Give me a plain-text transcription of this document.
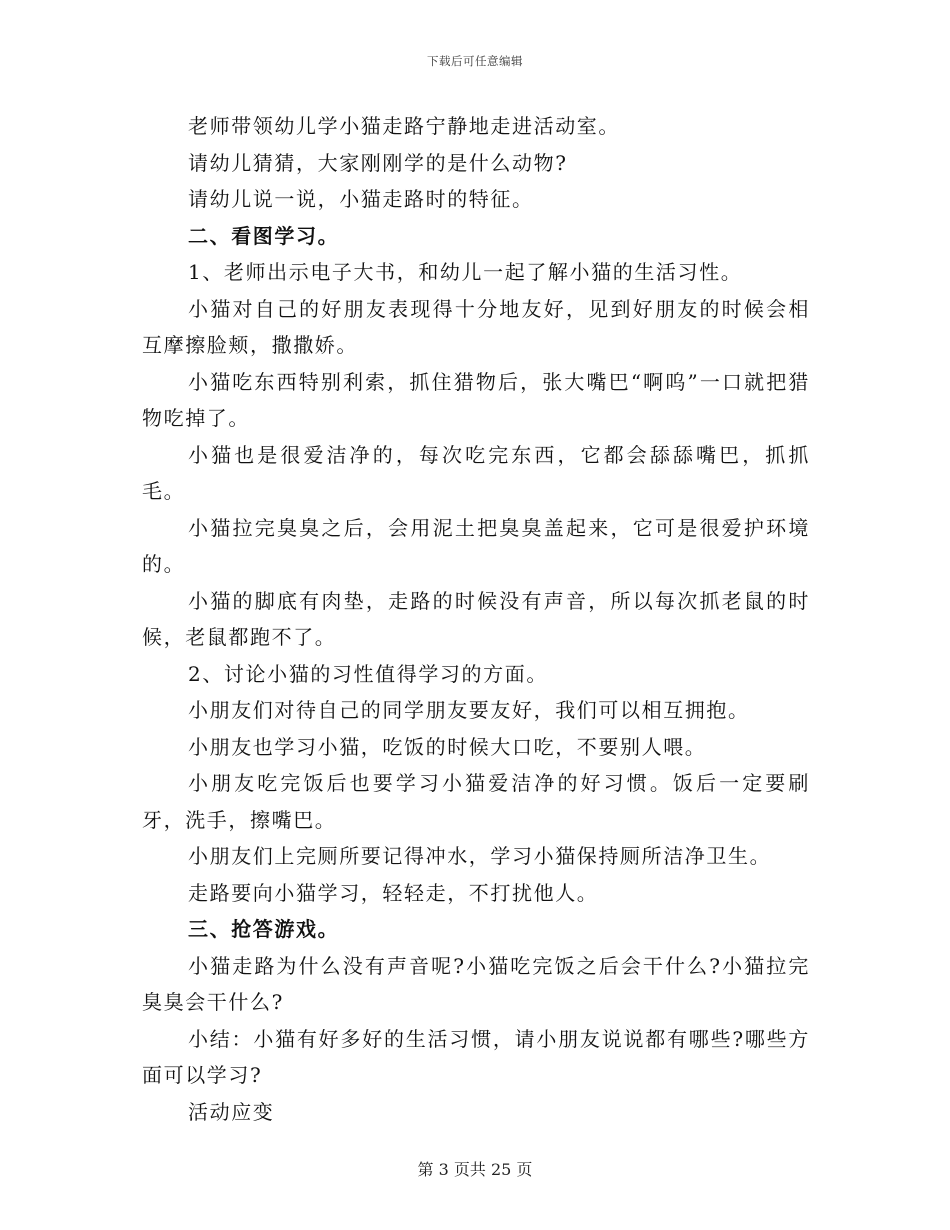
下载后可任意编辑

老师带领幼儿学小猫走路宁静地走进活动室。

请幼儿猜猜，大家刚刚学的是什么动物?

请幼儿说一说，小猫走路时的特征。

二、看图学习。

1、老师出示电子大书，和幼儿一起了解小猫的生活习性。

小猫对自己的好朋友表现得十分地友好，见到好朋友的时候会相互摩擦脸颊，撒撒娇。

小猫吃东西特别利索，抓住猎物后，张大嘴巴“啊呜”一口就把猎物吃掉了。

小猫也是很爱洁净的，每次吃完东西，它都会舔舔嘴巴，抓抓毛。

小猫拉完臭臭之后，会用泥土把臭臭盖起来，它可是很爱护环境的。

小猫的脚底有肉垫，走路的时候没有声音，所以每次抓老鼠的时候，老鼠都跑不了。

2、讨论小猫的习性值得学习的方面。

小朋友们对待自己的同学朋友要友好，我们可以相互拥抱。

小朋友也学习小猫，吃饭的时候大口吃，不要别人喂。

小朋友吃完饭后也要学习小猫爱洁净的好习惯。饭后一定要刷牙，洗手，擦嘴巴。

小朋友们上完厕所要记得冲水，学习小猫保持厕所洁净卫生。

走路要向小猫学习，轻轻走，不打扰他人。

三、抢答游戏。

小猫走路为什么没有声音呢?小猫吃完饭之后会干什么?小猫拉完臭臭会干什么?

小结：小猫有好多好的生活习惯，请小朋友说说都有哪些?哪些方面可以学习?

活动应变

第 3 页共 25 页
